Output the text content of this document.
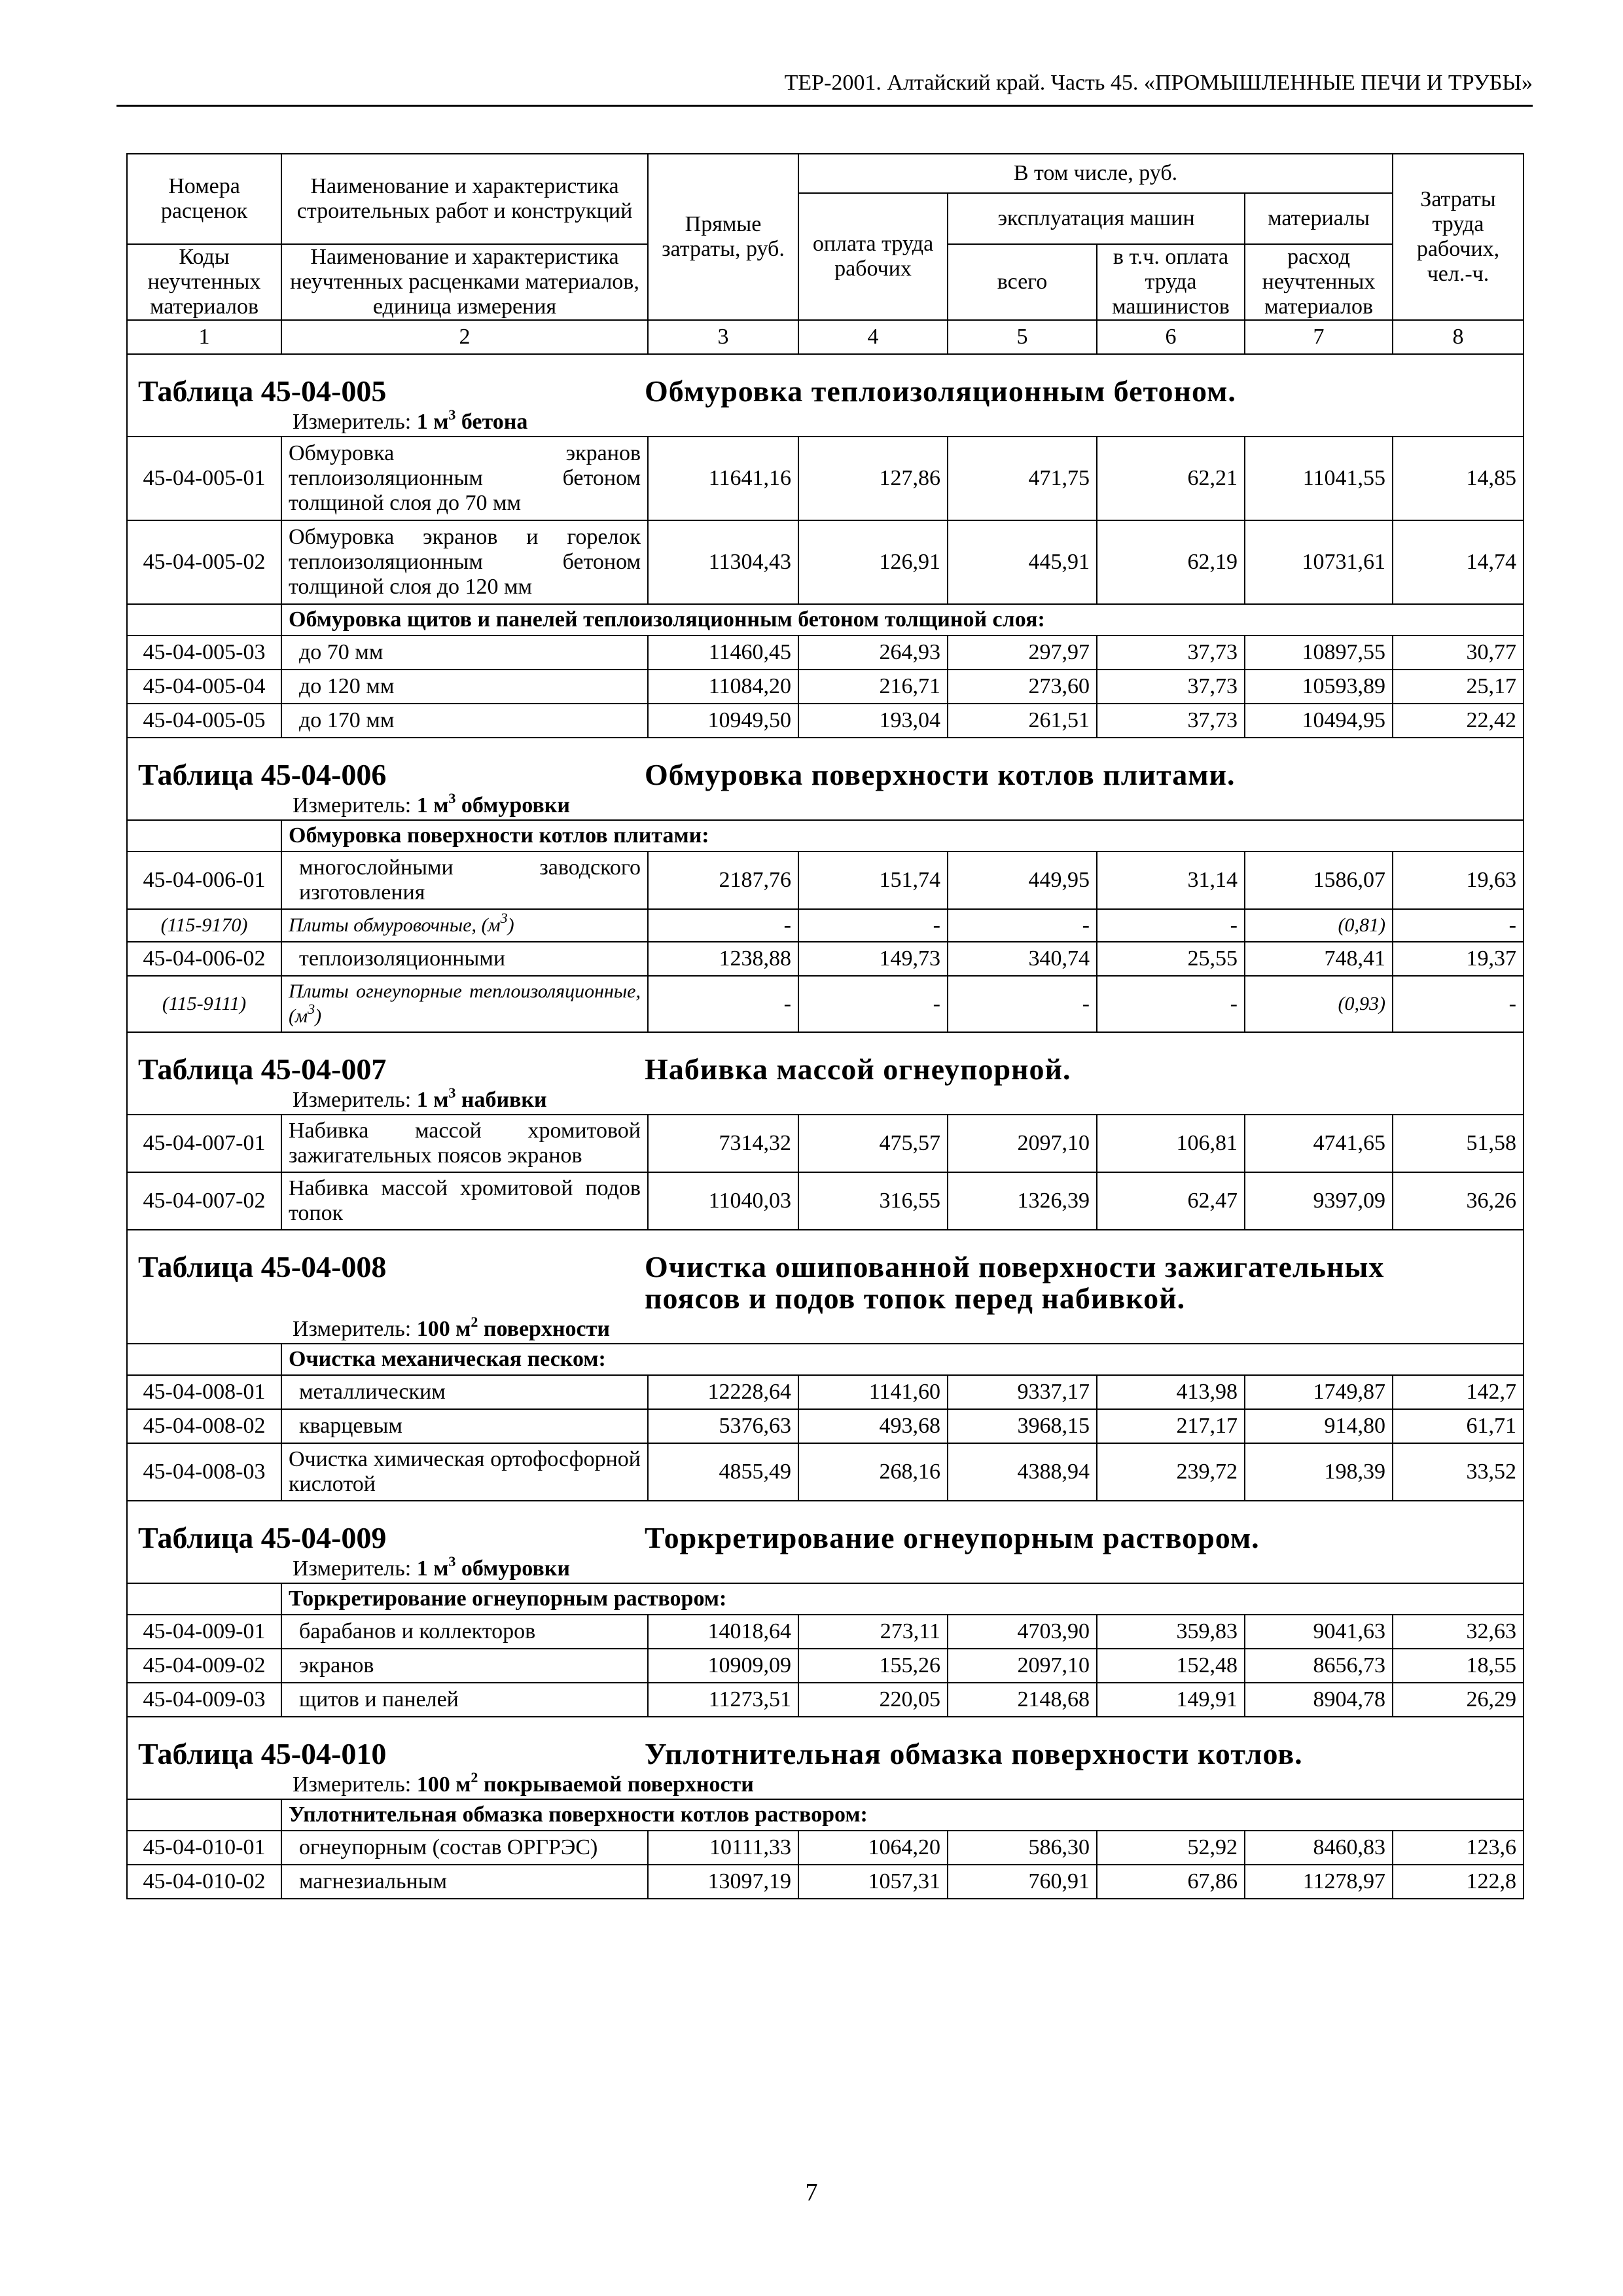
ТЕР-2001. Алтайский край. Часть 45. «ПРОМЫШЛЕННЫЕ ПЕЧИ И ТРУБЫ»
Номера расценок	Наименование и характеристика строительных работ и конструкций	Прямые затраты, руб.	В том числе, руб.				Затраты труда рабочих, чел.-ч.
			оплата труда рабочих	эксплуатация машин		материалы	
Коды неучтенных материалов	Наименование и характеристика неучтенных расценками материалов, единица измерения			всего	в т.ч. оплата труда машинистов	расход неучтенных материалов	
1	2	3	4	5	6	7	8

Таблица 45-04-005 Обмуровка теплоизоляционным бетоном.							

Измеритель: 1 $м^3$ бетона							

45-04-005-01	Обмуровка экранов теплоизоляционным бетоном толщиной слоя до 70 мм	11641,16	127,86	471,75	62,21	11041,55	14,85
45-04-005-02	Обмуровка экранов и горелок теплоизоляционным бетоном толщиной слоя до 120 мм	11304,43	126,91	445,91	62,19	10731,61	14,74
	Обмуровка щитов и панелей теплоизоляционным бетоном толщиной слоя:						
45-04-005-03	до 70 мм	11460,45	264,93	297,97	37,73	10897,55	30,77
45-04-005-04	до 120 мм	11084,20	216,71	273,60	37,73	10593,89	25,17
45-04-005-05	до 170 мм	10949,50	193,04	261,51	37,73	10494,95	22,42

Таблица 45-04-006 Обмуровка поверхности котлов плитами.							

Измеритель: 1 $м^3$ обмуровки							

	Обмуровка поверхности котлов плитами:						
45-04-006-01	многослойными заводского изготовления	2187,76	151,74	449,95	31,14	1586,07	19,63
(115-9170)	Плиты обмуровочные, $(м^3)$	-	-	-	-	(0,81)	-
45-04-006-02	теплоизоляционными	1238,88	149,73	340,74	25,55	748,41	19,37
(115-9111)	Плиты огнеупорные теплоизоляционные, $(м^3)$	-	-	-	-	(0,93)	-

Таблица 45-04-007 Набивка массой огнеупорной.							

Измеритель: 1 $м^3$ набивки							

45-04-007-01	Набивка массой хромитовой зажигательных поясов экранов	7314,32	475,57	2097,10	106,81	4741,65	51,58
45-04-007-02	Набивка массой хромитовой подов топок	11040,03	316,55	1326,39	62,47	9397,09	36,26

Таблица 45-04-008 Очистка ошипованной поверхности зажигательных
поясов и подов топок перед набивкой.							

Измеритель: 100 $м^2$ поверхности							

	Очистка механическая песком:						
45-04-008-01	металлическим	12228,64	1141,60	9337,17	413,98	1749,87	142,7
45-04-008-02	кварцевым	5376,63	493,68	3968,15	217,17	914,80	61,71
45-04-008-03	Очистка химическая ортофосфорной кислотой	4855,49	268,16	4388,94	239,72	198,39	33,52

Таблица 45-04-009 Торкретирование огнеупорным раствором.							

Измеритель: 1 $м^3$ обмуровки							

	Торкретирование огнеупорным раствором:						
45-04-009-01	барабанов и коллекторов	14018,64	273,11	4703,90	359,83	9041,63	32,63
45-04-009-02	экранов	10909,09	155,26	2097,10	152,48	8656,73	18,55
45-04-009-03	щитов и панелей	11273,51	220,05	2148,68	149,91	8904,78	26,29

Таблица 45-04-010 Уплотнительная обмазка поверхности котлов.							

Измеритель: 100 $м^2$ покрываемой поверхности							

	Уплотнительная обмазка поверхности котлов раствором:						
45-04-010-01	огнеупорным (состав ОРГРЭС)	10111,33	1064,20	586,30	52,92	8460,83	123,6
45-04-010-02	магнезиальным	13097,19	1057,31	760,91	67,86	11278,97	122,8
7
